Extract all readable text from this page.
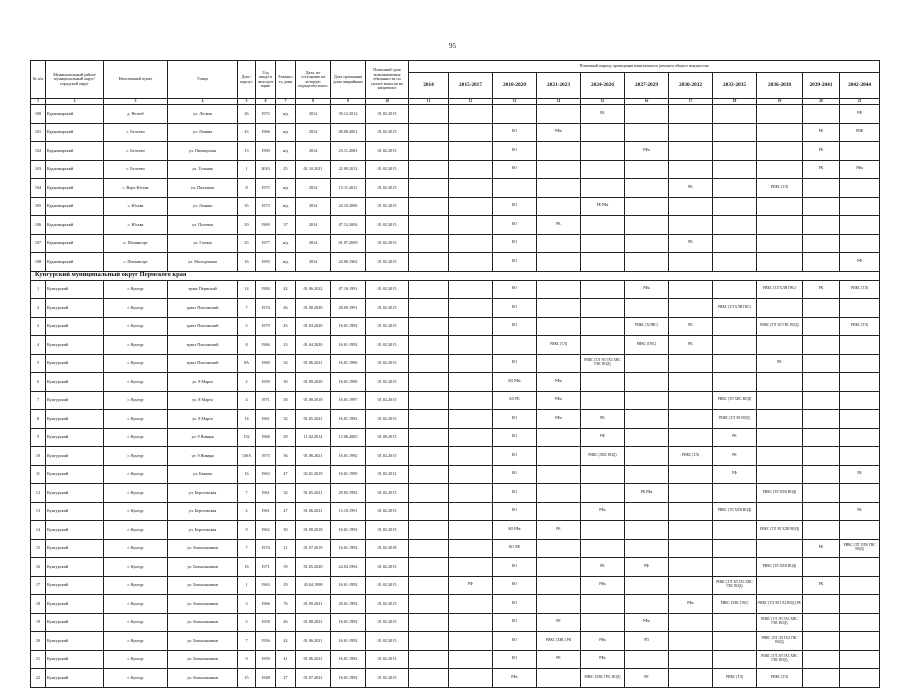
95
№ п/п	Муниципальный район/муниципальный округ/городской округ	Населенный пункт	Улица	Дом / корпус	Год ввода в эксплуатацию	Этажность дома	Дата, по состоянию на которую определен износ	Дата признания дома аварийным	Плановый срок возникновения обязанности по уплате взносов на капремонт	Плановый период проведения капитального ремонта общего имущества										
										2014	2015-2017	2018-2020	2021-2023	2024-2026	2027-2029	2030-2032	2033-2035	2036-2038	2039-2041	2042-2044
1	2	3	4	5	6	7	8	9	10	11	12	13	14	15	16	17	18	19	20	21
100	Кудымкарский	д. Нелюб	ул. Лесная	26	1972	н/д	2014	30.12.2012	01.02.2015					РК						РФ
101	Кудымкарский	с. Белоево	ул. Ленина	43	1966	н/д	2014	08.08.2001	01.02.2015			КО	РФк						РК	РИК
102	Кудымкарский	с. Белоево	ул. Пионерская	13	1990	н/д	2014	25.11.2003	01.02.2015			КО			РФк				РК	
103	Кудымкарский	с. Белоево	ул. Гольная	1	2010	25	01.10.2021	22.09.2012	01.02.2015			КО							РК	РФк
104	Кудымкарский	с. Верх-Юсьва	ул. Пихтовая	8	1975	н/д	2014	15.11.2011	01.02.2015							РК		РИКС (ТЛ)		
105	Кудымкарский	с. Юсьва	ул. Ленина	35	1973	н/д	2014	24.10.2006	01.02.2015			КО		РК РФк						
106	Кудымкарский	с. Юсьва	ул. Полевая	29	1969	37	2014	07.12.2004	01.02.2015			КО	РК							
107	Кудымкарский	п. Пешнигорт	ул. Гагина	25	1977	н/д	2014	01.07.2009	01.02.2015			КО				РК				
108	Кудымкарский	с. Пешнигорт	ул. Молодежная	16	1995	н/д	2014	24.06.1962	01.02.2015			КО								РФ
Кунгурский муниципальный округ Пермского края																				
1	Кунгурский	г. Кунгур	тракт Пермский	14	1984	42	01.06.2022	07.10.1991	01.02.2015			КО			РФк			РИКС (ТЛ ХЛВ ГВС)	РК	РИКС (ТЛ)
2	Кунгурский	г. Кунгур	тракт Пльтанский	7	1974	46	01.08.2020	28.09.1991	01.02.2015			КО					РИКС (ТЛ ХЛВ ГВС)			
3	Кунгурский	г. Кунгур	тракт Пльтанский	5	1979	43	01.04.2020	16.01.1992	01.02.2015			КО			РИКС (ХЛВС)	РК		РИКС (ТЛ ЭЛ ГВС ВОД)		РИКС (ТЛ)
4	Кунгурский	г. Кунгур	тракт Пльтанский	8	1966	23	01.04.2020	16.01.1992	01.02.2015				РИКС (ТЛ)		РИКС (ГВС)	РК				
5	Кунгурский	г. Кунгур	тракт Пльтанский	8А	1969	34	01.06.2021	16.01.1996	01.02.2015			КО		РИКС (ТЛ ЭЛ ГАЗ ХВС ГВС ВОД)				РК		
6	Кунгурский	г. Кунгур	ул. 8 Марта	2	1959	30	01.09.2020	16.01.1990	01.02.2015			КО РФк	РФк							
7	Кунгурский	г. Кунгур	ул. 8 Марта	4	1971	58	01.08.2018	16.01.1997	01.02.2015			КО РК	РФк				РИКС (ТЛ ХВС ВОД)			
8	Кунгурский	г. Кунгур	ул. 8 Марта	14	1961	32	01.05.2021	16.01.1992	01.02.2015			КО	РФк	РК			РИКС (ТЛ ЭЛ ВОД)			
9	Кунгурский	г. Кунгур	ул. 9 Января	152	1966	29	11.02.2014	13.06.2005	01.09.2015			КО		РФ			РК			
10	Кунгурский	г. Кунгур	ул. 9 Января	156А	1975	36	01.06.2021	16.01.1992	01.02.2015			КО		РИКС (ХВС ВОД)		РИКС (ТЛ)	РК			
11	Кунгурский	г. Кунгур	ул. Бажова	16	1963	47	02.01.2019	16.01.1990	01.02.2012			КО					РФ			РК
12	Кунгурский	г. Кунгур	ул. Березовская	7	1961	32	01.05.2021	29.05.1992	01.02.2015			КО			РК РФк			РИКС (ТЛ ХЛВ ВОД)		
13	Кунгурский	г. Кунгур	ул. Березовская	2	1961	27	01.06.2021	15.10.1991	01.02.2015			КО		РФк			РИКС (ТЛ ХЛВ ВОД)			РК
14	Кунгурский	г. Кунгур	ул. Березовская	9	1962	30	01.09.2018	16.01.1992	01.02.2015			КО РФк	РК					РИКС (ТЛ ЭЛ ХЛВ ВОД)		
15	Кунгурский	г. Кунгур	ул. Бахчальников	7	1974	21	01.07.2019	16.01.1992	01.02.2018			КО ЛФ							РК	РИКС (ТЛ ХЛВ ГВС ВОД)
16	Кунгурский	г. Кунгур	ул. Бахчальников	16	1971	39	01.05.2020	24.04.1992	01.02.2015			КО		РК	РФ			РИКС (ТЛ ХЛВ ВОД)		
17	Кунгурский	г. Кунгур	ул. Бахчальников	1	1963	29	20.04.1998	16.01.1992	01.02.2015		РФ	КО		РФк			РИКС (ТЛ ЭЛ ГАЗ ХВС ГВС ВОД)		РК	
18	Кунгурский	г. Кунгур	ул. Бахчальников	3	1966	76	01.09.2021	20.01.1992	01.02.2015			КО				РФк	РИКС (ХВС ГВС)	РИКС (ТЛ ЭЛ ГАЗ ВОД) РК		
19	Кунгурский	г. Кунгур	ул. Бахчальников	5	1958	46	01.08.2021	16.01.1992	01.02.2015			КО	РК		РФк			РИКС (ТЛ ЭЛ ГАЗ ХВС ГВС ВОД)		
20	Кунгурский	г. Кунгур	ул. Бахчальников	7	1956	42	01.06.2021	16.01.1992	01.02.2015			КО	РИКС (ХВС) РК	РФк	РП			РИКС (ТЛ ЭЛ ГАЗ ГВС ВОД)		
21	Кунгурский	г. Кунгур	ул. Бахчальников	9	1959	41	01.06.2021	16.01.1992	01.02.2013			КО	РК	РФк				РИКС (ТЛ ЭЛ ГАЗ ХВС ГВС ВОД)		
22	Кунгурский	г. Кунгур	ул. Бахчальников	15	1948	27	01.07.2021	16.01.1992	01.02.2015			РФк		РИКС (ХВС ГВС ВОД)	РК		РИКС (ТЛ)	РИКС (ТЛ)		
